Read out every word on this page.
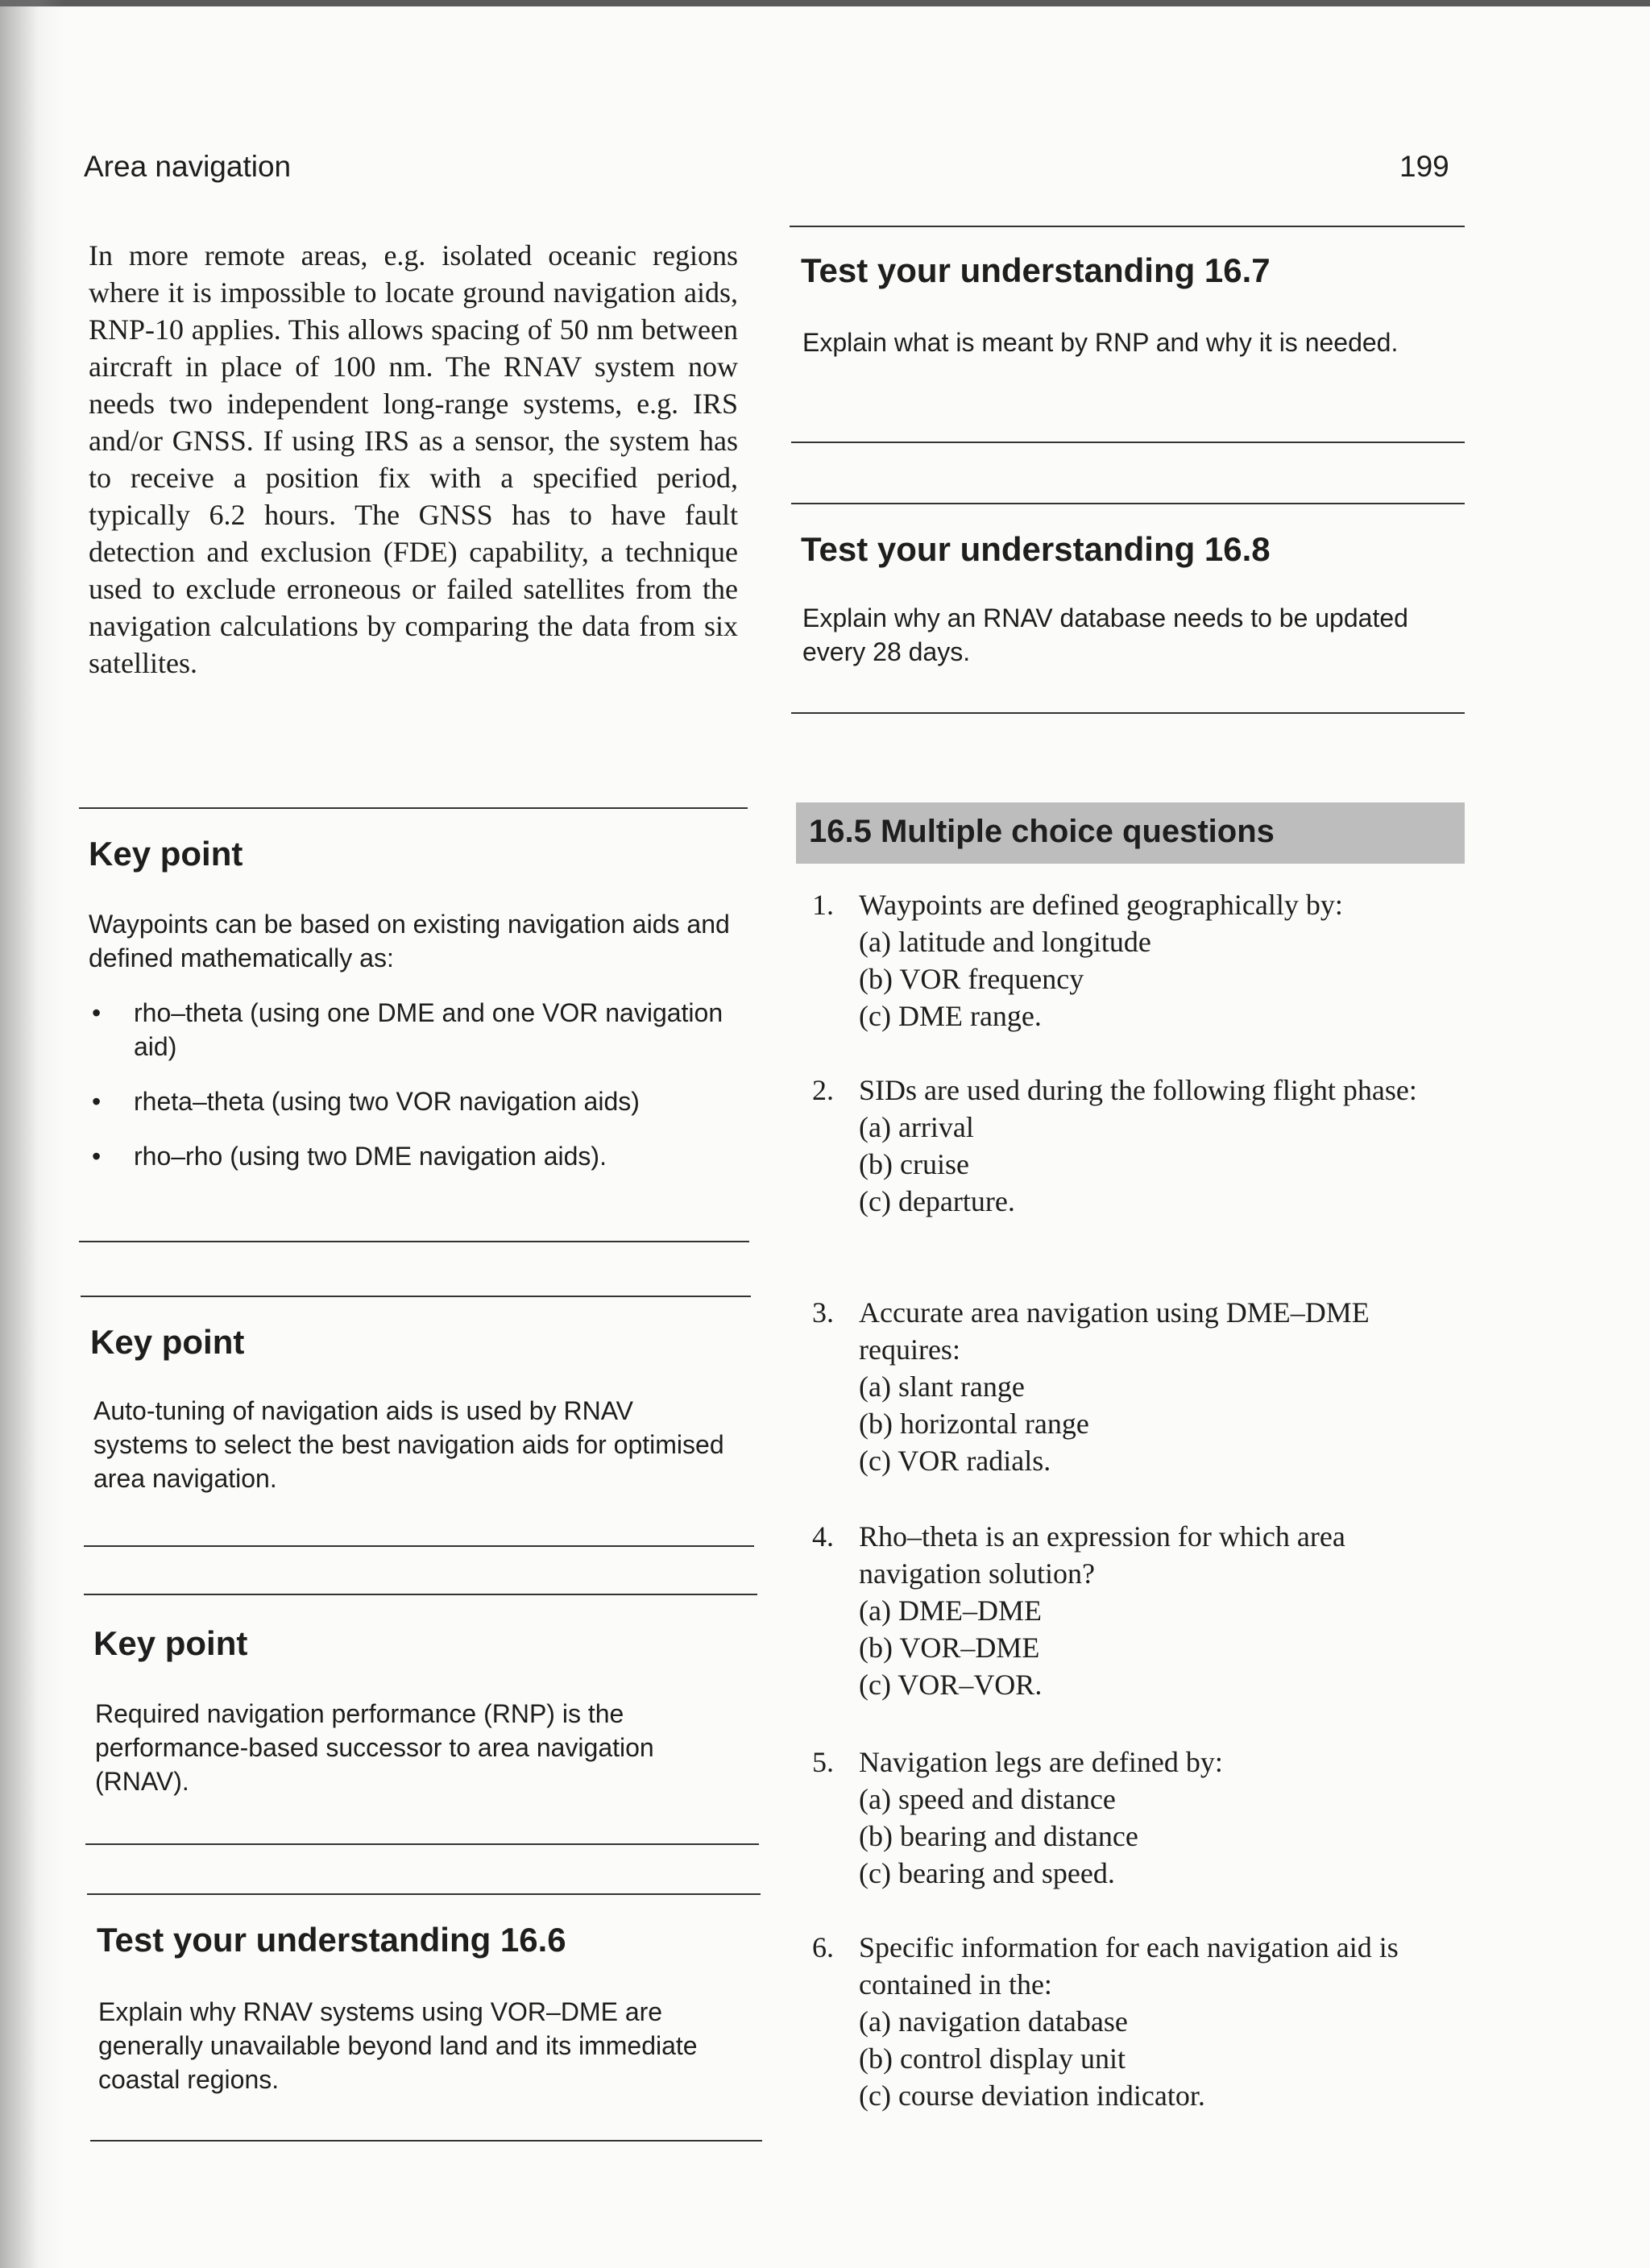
Area navigation	199

In more remote areas, e.g. isolated oceanic regions where it is impossible to locate ground navigation aids, RNP-10 applies. This allows spacing of 50 nm between aircraft in place of 100 nm. The RNAV system now needs two independent long-range systems, e.g. IRS and/or GNSS. If using IRS as a sensor, the system has to receive a position fix with a specified period, typically 6.2 hours. The GNSS has to have fault detection and exclusion (FDE) capability, a technique used to exclude erroneous or failed satellites from the navigation calculations by comparing the data from six satellites.

Key point

Waypoints can be based on existing navigation aids and defined mathematically as:

• rho–theta (using one DME and one VOR navigation aid)
• rheta–theta (using two VOR navigation aids)
• rho–rho (using two DME navigation aids).
Key point

Auto-tuning of navigation aids is used by RNAV systems to select the best navigation aids for optimised area navigation.

Key point

Required navigation performance (RNP) is the performance-based successor to area navigation (RNAV).

Test your understanding 16.6

Explain why RNAV systems using VOR–DME are generally unavailable beyond land and its immediate coastal regions.

Test your understanding 16.7

Explain what is meant by RNP and why it is needed.

Test your understanding 16.8

Explain why an RNAV database needs to be updated every 28 days.

16.5 Multiple choice questions
1. Waypoints are defined geographically by:
(a) latitude and longitude
(b) VOR frequency
(c) DME range.
2. SIDs are used during the following flight phase:
(a) arrival
(b) cruise
(c) departure.
3. Accurate area navigation using DME–DME requires:
(a) slant range
(b) horizontal range
(c) VOR radials.
4. Rho–theta is an expression for which area navigation solution?
(a) DME–DME
(b) VOR–DME
(c) VOR–VOR.
5. Navigation legs are defined by:
(a) speed and distance
(b) bearing and distance
(c) bearing and speed.
6. Specific information for each navigation aid is contained in the:
(a) navigation database
(b) control display unit
(c) course deviation indicator.
